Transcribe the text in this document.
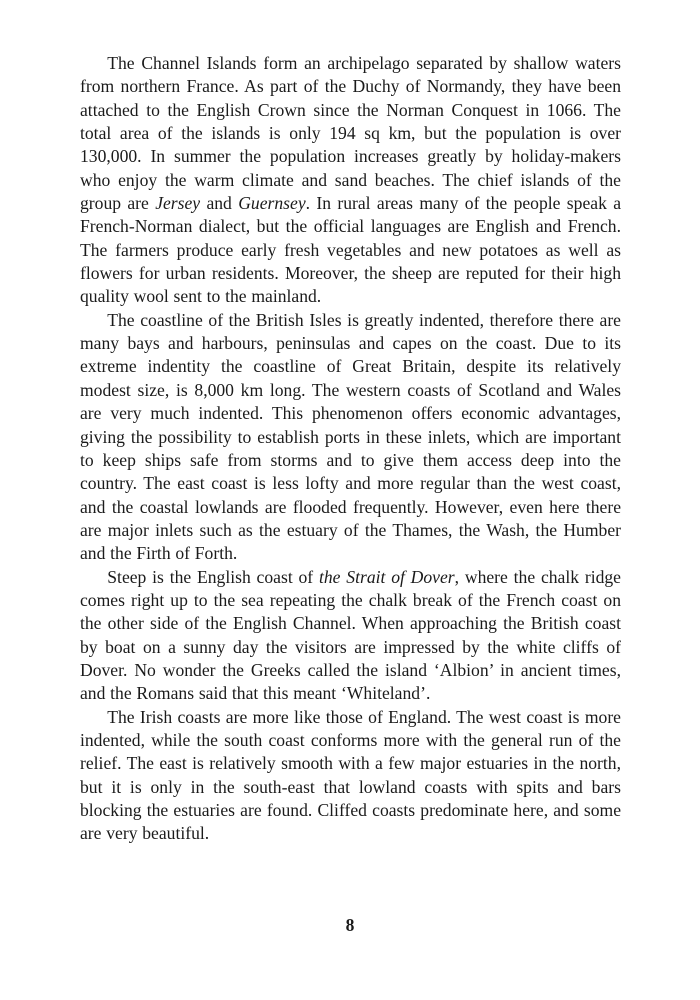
The Channel Islands form an archipelago separated by shallow waters from northern France. As part of the Duchy of Normandy, they have been attached to the English Crown since the Norman Conquest in 1066. The total area of the islands is only 194 sq km, but the population is over 130,000. In summer the population increases greatly by holiday-makers who enjoy the warm climate and sand beaches. The chief islands of the group are Jersey and Guernsey. In rural areas many of the people speak a French-Norman dialect, but the official languages are English and French. The farmers produce early fresh vegetables and new potatoes as well as flowers for urban residents. Moreover, the sheep are reputed for their high quality wool sent to the mainland.

The coastline of the British Isles is greatly indented, therefore there are many bays and harbours, peninsulas and capes on the coast. Due to its extreme indentity the coastline of Great Britain, despite its relatively modest size, is 8,000 km long. The western coasts of Scotland and Wales are very much indented. This phenomenon offers economic advantages, giving the possibility to establish ports in these inlets, which are important to keep ships safe from storms and to give them access deep into the country. The east coast is less lofty and more regular than the west coast, and the coastal lowlands are flooded frequently. However, even here there are major inlets such as the estuary of the Thames, the Wash, the Humber and the Firth of Forth.

Steep is the English coast of the Strait of Dover, where the chalk ridge comes right up to the sea repeating the chalk break of the French coast on the other side of the English Channel. When approaching the British coast by boat on a sunny day the visitors are impressed by the white cliffs of Dover. No wonder the Greeks called the island ‘Albion’ in ancient times, and the Romans said that this meant ‘Whiteland’.

The Irish coasts are more like those of England. The west coast is more indented, while the south coast conforms more with the general run of the relief. The east is relatively smooth with a few major estuaries in the north, but it is only in the south-east that lowland coasts with spits and bars blocking the estuaries are found. Cliffed coasts predominate here, and some are very beautiful.

8
